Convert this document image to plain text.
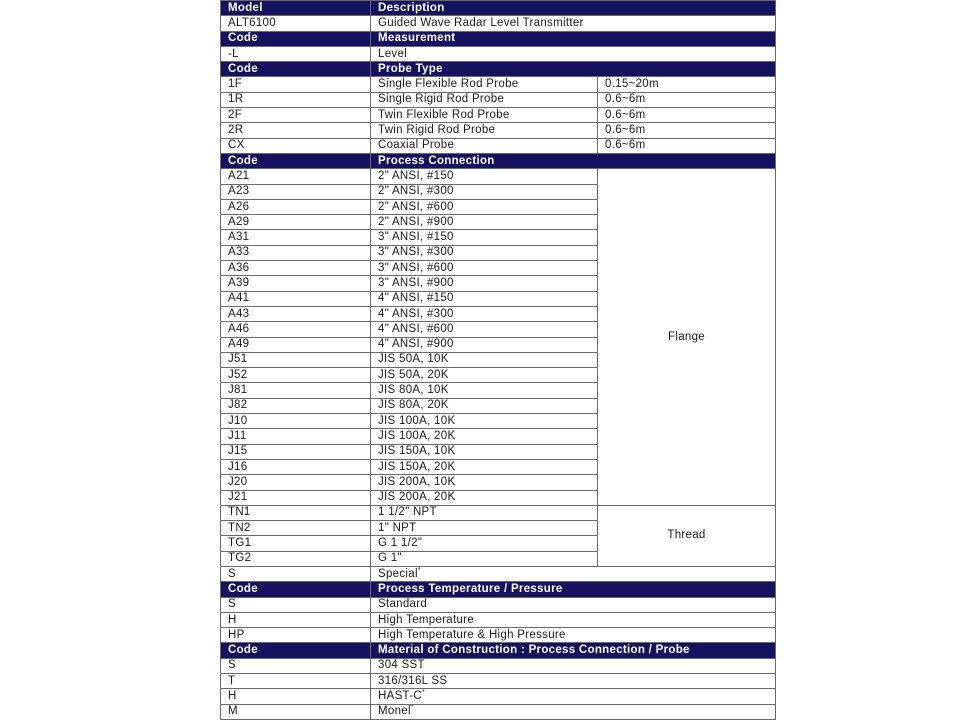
Model	Description	
ALT6100	Guided Wave Radar Level Transmitter	
Code	Measurement	
-L	Level	
Code	Probe Type	
1F	Single Flexible Rod Probe	0.15~20m
1R	Single Rigid Rod Probe	0.6~6m
2F	Twin Flexible Rod Probe	0.6~6m
2R	Twin Rigid Rod Probe	0.6~6m
CX	Coaxial Probe	0.6~6m
Code	Process Connection	
A21	2" ANSI, #150	Flange
A23	2" ANSI, #300	
A26	2" ANSI, #600	
A29	2" ANSI, #900	
A31	3" ANSI, #150	
A33	3" ANSI, #300	
A36	3" ANSI, #600	
A39	3" ANSI, #900	
A41	4" ANSI, #150	
A43	4" ANSI, #300	
A46	4" ANSI, #600	
A49	4" ANSI, #900	
J51	JIS 50A, 10K	
J52	JIS 50A, 20K	
J81	JIS 80A, 10K	
J82	JIS 80A, 20K	
J10	JIS 100A, 10K	
J11	JIS 100A, 20K	
J15	JIS 150A, 10K	
J16	JIS 150A, 20K	
J20	JIS 200A, 10K	
J21	JIS 200A, 20K	
TN1	1 1/2" NPT	Thread
TN2	1" NPT	
TG1	G 1 1/2"	
TG2	G 1"	
S	Special*
Code	Process Temperature / Pressure	
S	Standard	
H	High Temperature	
HP	High Temperature & High Pressure	
Code	Material of Construction : Process Connection / Probe	
S	304 SST	
T	316/316L SS	
H	HAST-C*
M	Monel*
